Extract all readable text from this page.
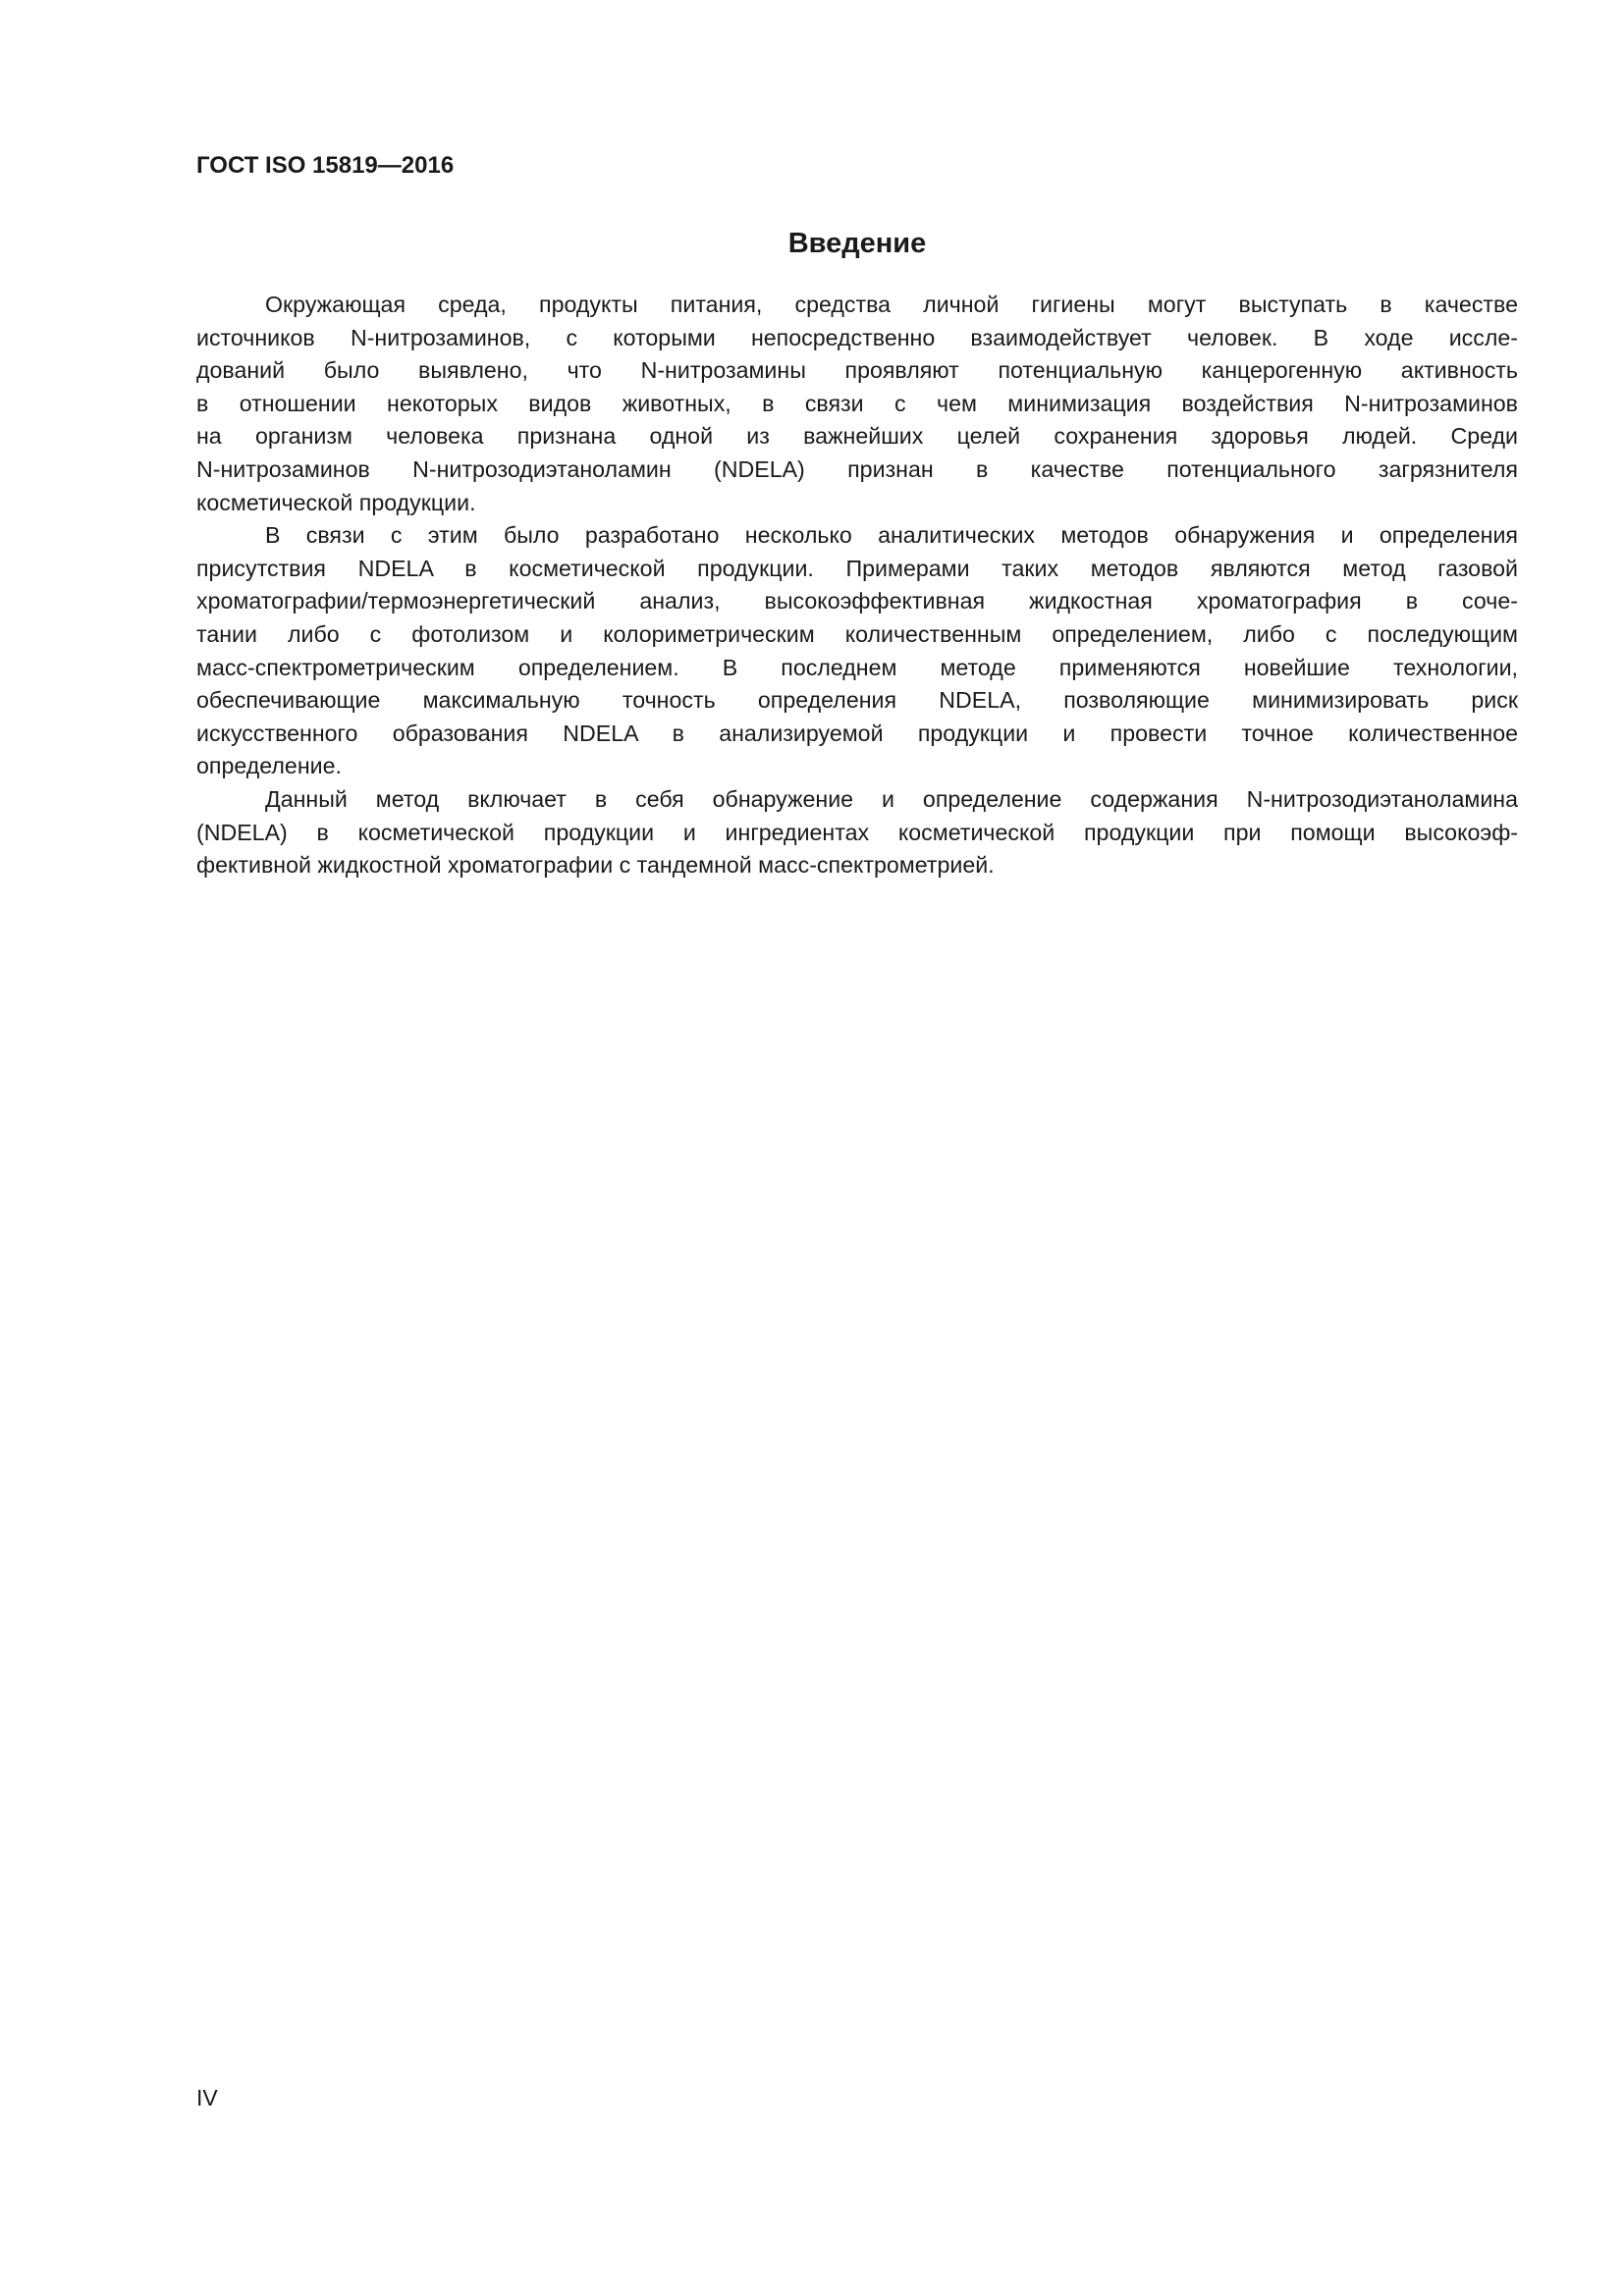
ГОСТ ISO 15819—2016
Введение
Окружающая среда, продукты питания, средства личной гигиены могут выступать в качестве
источников N-нитрозаминов, с которыми непосредственно взаимодействует человек. В ходе иссле-
дований было выявлено, что N-нитрозамины проявляют потенциальную канцерогенную активность
в отношении некоторых видов животных, в связи с чем минимизация воздействия N-нитрозаминов
на организм человека признана одной из важнейших целей сохранения здоровья людей. Среди
N-нитрозаминов N-нитрозодиэтаноламин (NDELA) признан в качестве потенциального загрязнителя
косметической продукции.
В связи с этим было разработано несколько аналитических методов обнаружения и определения
присутствия NDELA в косметической продукции. Примерами таких методов являются метод газовой
хроматографии/термоэнергетический анализ, высокоэффективная жидкостная хроматография в соче-
тании либо с фотолизом и колориметрическим количественным определением, либо с последующим
масс-спектрометрическим определением. В последнем методе применяются новейшие технологии,
обеспечивающие максимальную точность определения NDELA, позволяющие минимизировать риск
искусственного образования NDELA в анализируемой продукции и провести точное количественное
определение.
Данный метод включает в себя обнаружение и определение содержания N-нитрозодиэтаноламина
(NDELA) в косметической продукции и ингредиентах косметической продукции при помощи высокоэф-
фективной жидкостной хроматографии с тандемной масс-спектрометрией.
IV
